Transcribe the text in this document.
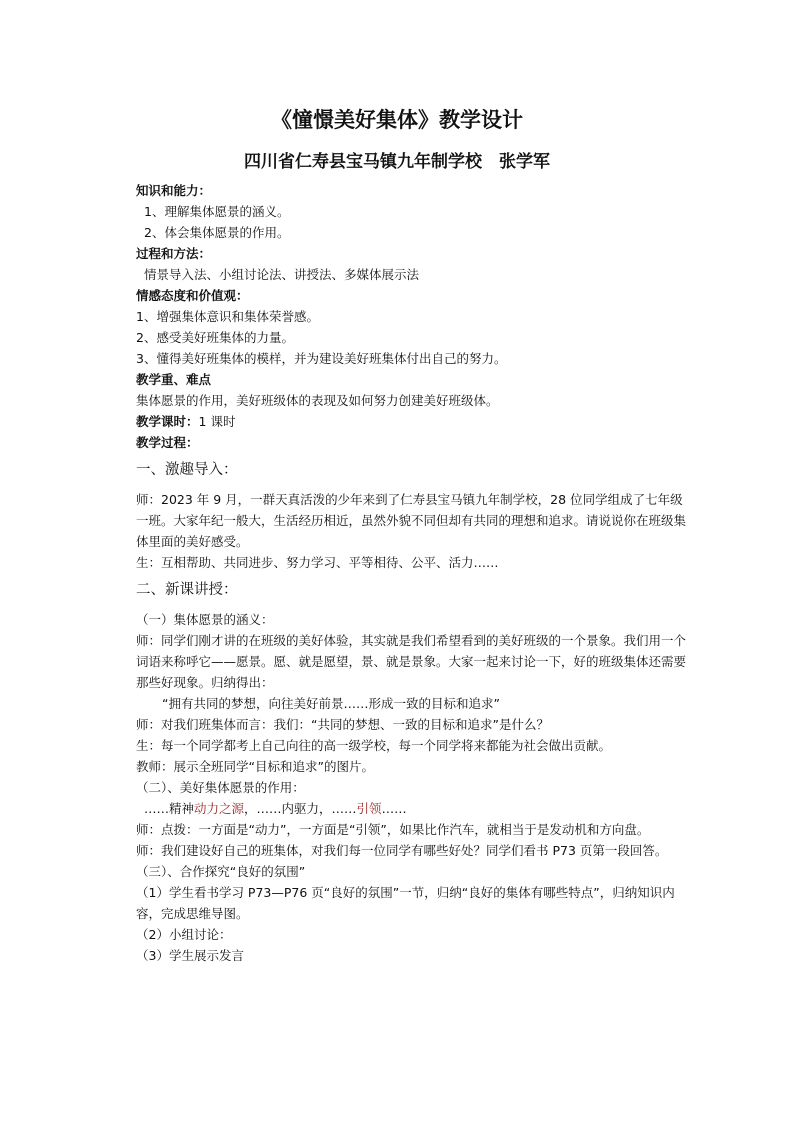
《憧憬美好集体》教学设计
四川省仁寿县宝马镇九年制学校　张学军
知识和能力：
1、理解集体愿景的涵义。
2、体会集体愿景的作用。
过程和方法：
情景导入法、小组讨论法、讲授法、多媒体展示法
情感态度和价值观：
1、增强集体意识和集体荣誉感。
2、感受美好班集体的力量。
3、懂得美好班集体的模样，并为建设美好班集体付出自己的努力。
教学重、难点
集体愿景的作用，美好班级体的表现及如何努力创建美好班级体。
教学课时：1 课时
教学过程：
一、激趣导入：
师：2023 年 9 月，一群天真活泼的少年来到了仁寿县宝马镇九年制学校，28 位同学组成了七年级一班。大家年纪一般大，生活经历相近，虽然外貌不同但却有共同的理想和追求。请说说你在班级集体里面的美好感受。
生：互相帮助、共同进步、努力学习、平等相待、公平、活力……
二、新课讲授：
（一）集体愿景的涵义：
师：同学们刚才讲的在班级的美好体验，其实就是我们希望看到的美好班级的一个景象。我们用一个词语来称呼它——愿景。愿、就是愿望，景、就是景象。大家一起来讨论一下，好的班级集体还需要那些好现象。归纳得出：
“拥有共同的梦想，向往美好前景……形成一致的目标和追求”
师：对我们班集体而言：我们：“共同的梦想、一致的目标和追求”是什么？
生：每一个同学都考上自己向往的高一级学校，每一个同学将来都能为社会做出贡献。
教师：展示全班同学“目标和追求”的图片。
（二）、美好集体愿景的作用：
……精神动力之源，……内驱力，……引领……
师：点拨：一方面是“动力”，一方面是“引领”，如果比作汽车，就相当于是发动机和方向盘。
师：我们建设好自己的班集体，对我们每一位同学有哪些好处？同学们看书 P73 页第一段回答。
（三）、合作探究“良好的氛围”
（1）学生看书学习 P73—P76 页“良好的氛围”一节，归纳“良好的集体有哪些特点”，归纳知识内容，完成思维导图。
（2）小组讨论：
（3）学生展示发言
